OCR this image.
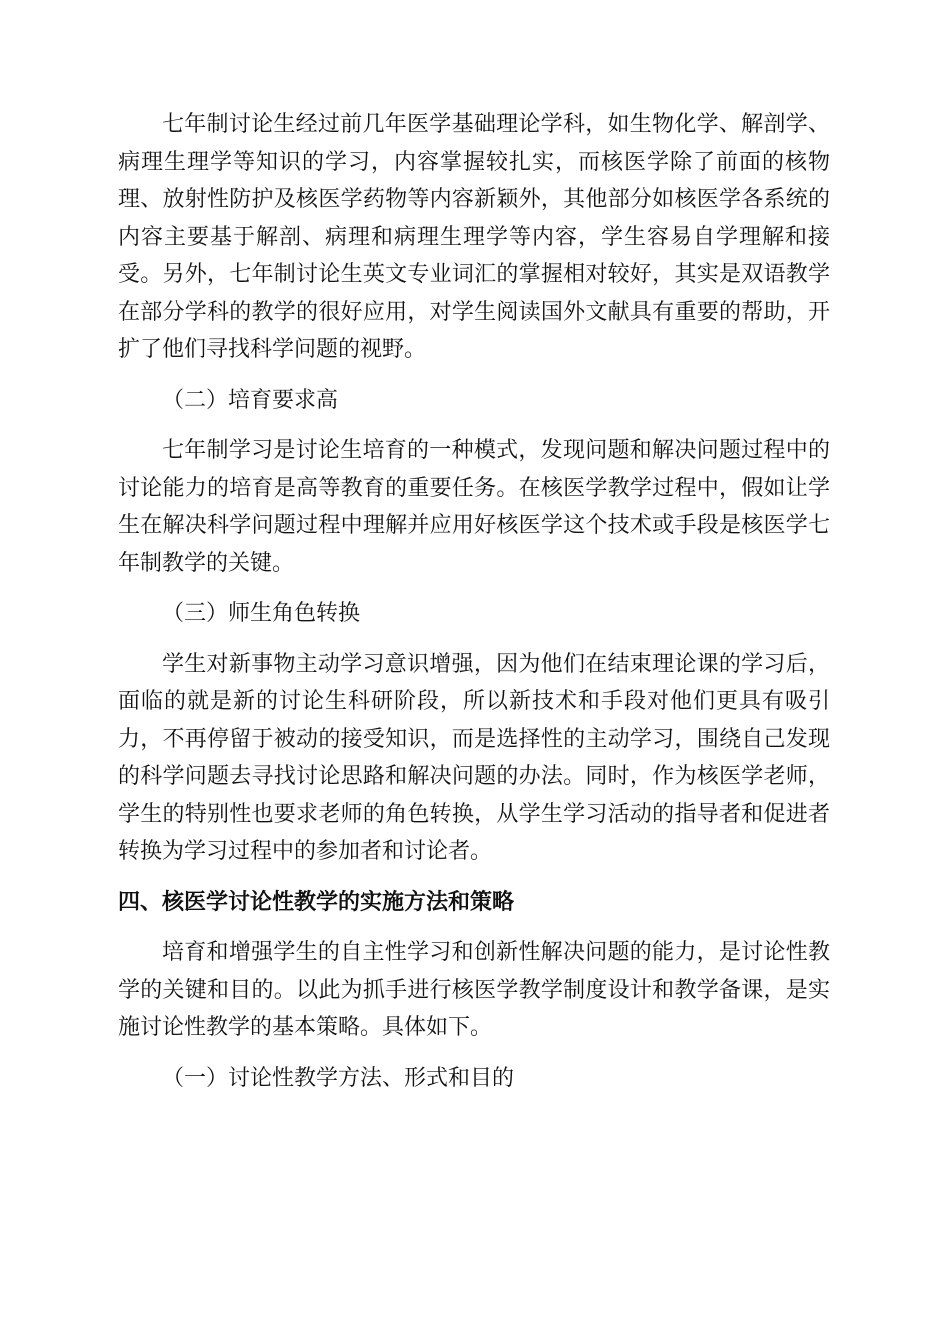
七年制讨论生经过前几年医学基础理论学科，如生物化学、解剖学、病理生理学等知识的学习，内容掌握较扎实，而核医学除了前面的核物理、放射性防护及核医学药物等内容新颖外，其他部分如核医学各系统的内容主要基于解剖、病理和病理生理学等内容，学生容易自学理解和接受。另外，七年制讨论生英文专业词汇的掌握相对较好，其实是双语教学在部分学科的教学的很好应用，对学生阅读国外文献具有重要的帮助，开扩了他们寻找科学问题的视野。

（二）培育要求高

七年制学习是讨论生培育的一种模式，发现问题和解决问题过程中的讨论能力的培育是高等教育的重要任务。在核医学教学过程中，假如让学生在解决科学问题过程中理解并应用好核医学这个技术或手段是核医学七年制教学的关键。

（三）师生角色转换

学生对新事物主动学习意识增强，因为他们在结束理论课的学习后，面临的就是新的讨论生科研阶段，所以新技术和手段对他们更具有吸引力，不再停留于被动的接受知识，而是选择性的主动学习，围绕自己发现的科学问题去寻找讨论思路和解决问题的办法。同时，作为核医学老师，学生的特别性也要求老师的角色转换，从学生学习活动的指导者和促进者转换为学习过程中的参加者和讨论者。

四、核医学讨论性教学的实施方法和策略

培育和增强学生的自主性学习和创新性解决问题的能力，是讨论性教学的关键和目的。以此为抓手进行核医学教学制度设计和教学备课，是实施讨论性教学的基本策略。具体如下。

（一）讨论性教学方法、形式和目的
